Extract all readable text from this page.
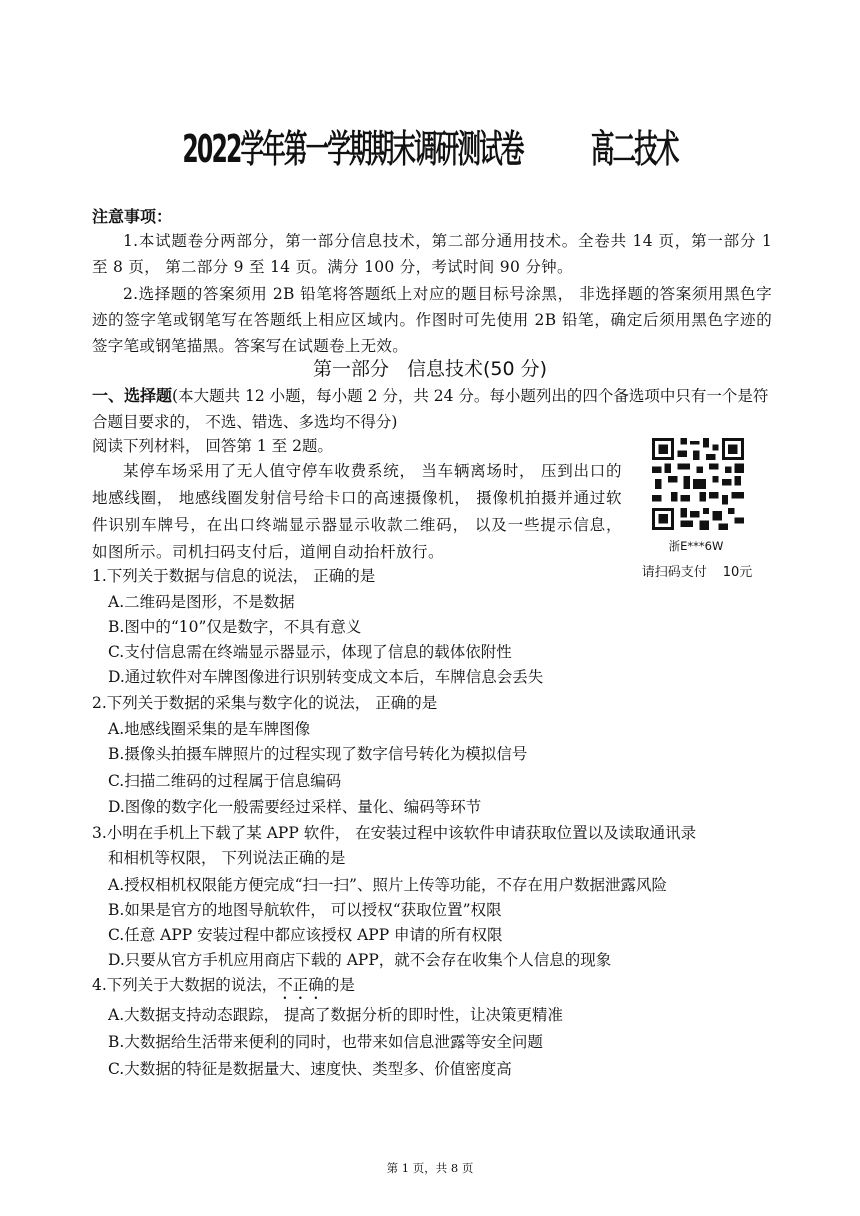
2022学年第一学期期末调研测试卷 高二技术
注意事项：
1.本试题卷分两部分，第一部分信息技术，第二部分通用技术。全卷共 14 页，第一部分 1 至 8 页， 第二部分 9 至 14 页。满分 100 分，考试时间 90 分钟。
2.选择题的答案须用 2B 铅笔将答题纸上对应的题目标号涂黑， 非选择题的答案须用黑色字迹的签字笔或钢笔写在答题纸上相应区域内。作图时可先使用 2B 铅笔，确定后须用黑色字迹的签字笔或钢笔描黑。答案写在试题卷上无效。
第一部分 信息技术(50 分)
一、选择题(本大题共 12 小题，每小题 2 分，共 24 分。每小题列出的四个备选项中只有一个是符合题目要求的， 不选、错选、多选均不得分)
阅读下列材料， 回答第 1 至 2题。
某停车场采用了无人值守停车收费系统， 当车辆离场时， 压到出口的地感线圈， 地感线圈发射信号给卡口的高速摄像机， 摄像机拍摄并通过软件识别车牌号，在出口终端显示器显示收款二维码， 以及一些提示信息，如图所示。司机扫码支付后，道闸自动抬杆放行。	浙E***6W
请扫码支付 10元
1.下列关于数据与信息的说法， 正确的是
A.二维码是图形，不是数据
B.图中的“10”仅是数字，不具有意义
C.支付信息需在终端显示器显示，体现了信息的载体依附性
D.通过软件对车牌图像进行识别转变成文本后，车牌信息会丢失
2.下列关于数据的采集与数字化的说法， 正确的是
A.地感线圈采集的是车牌图像
B.摄像头拍摄车牌照片的过程实现了数字信号转化为模拟信号
C.扫描二维码的过程属于信息编码
D.图像的数字化一般需要经过采样、量化、编码等环节
3.小明在手机上下载了某 APP 软件， 在安装过程中该软件申请获取位置以及读取通讯录
和相机等权限， 下列说法正确的是
A.授权相机权限能方便完成“扫一扫”、照片上传等功能，不存在用户数据泄露风险
B.如果是官方的地图导航软件， 可以授权“获取位置”权限
C.任意 APP 安装过程中都应该授权 APP 申请的所有权限
D.只要从官方手机应用商店下载的 APP，就不会存在收集个人信息的现象
4.下列关于大数据的说法，不正确的是
A.大数据支持动态跟踪， 提高了数据分析的即时性，让决策更精准
B.大数据给生活带来便利的同时，也带来如信息泄露等安全问题
C.大数据的特征是数据量大、速度快、类型多、价值密度高
第 1 页，共 8 页
